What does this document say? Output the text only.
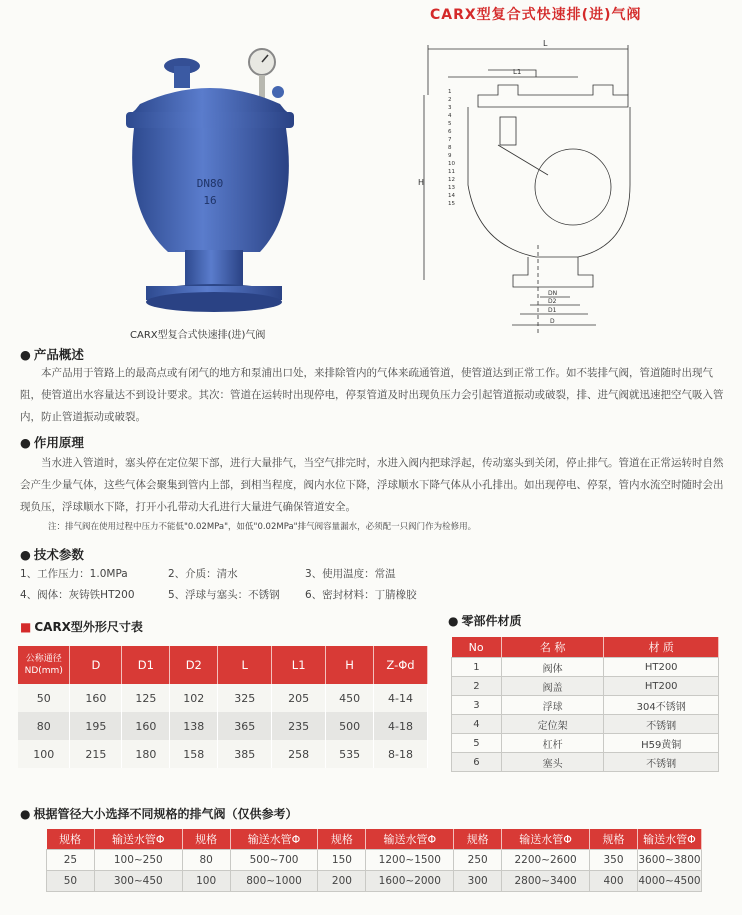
CARX型复合式快速排(进)气阀
DN80
16
CARX型复合式快速排(进)气阀
L
L1
H
DN
D2
D1
D
1
2
3
4
5
6
7
8
9
10
11
12
13
14
15
● 产品概述
本产品用于管路上的最高点或有闭气的地方和泵浦出口处，来排除管内的气体来疏通管道，使管道达到正常工作。如不装排气阀，管道随时出现气阻，使管道出水容量达不到设计要求。其次：管道在运转时出现停电，停泵管道及时出现负压力会引起管道振动或破裂，排、进气阀就迅速把空气吸入管内，防止管道振动或破裂。
● 作用原理
当水进入管道时，塞头停在定位架下部，进行大量排气，当空气排完时，水进入阀内把球浮起，传动塞头到关闭，停止排气。管道在正常运转时自然会产生少量气体，这些气体会聚集到管内上部，到相当程度，阀内水位下降，浮球顺水下降气体从小孔排出。如出现停电、停泵，管内水流空时随时会出现负压，浮球顺水下降，打开小孔带动大孔进行大量进气确保管道安全。
注：排气阀在使用过程中压力不能低"0.02MPa"，如低"0.02MPa"排气阀容量漏水，必须配一只阀门作为检修用。
● 技术参数
1、工作压力：1.0MPa	2、介质：清水	3、使用温度：常温
4、阀体：灰铸铁HT200	5、浮球与塞头：不锈钢 6、密封材料：丁腈橡胶
■ CARX型外形尺寸表
公称通径ND(mm)	D	D1	D2	L	L1	H	Z-Φd
50	160	125	102	325	205	450	4-14
80	195	160	138	365	235	500	4-18
100	215	180	158	385	258	535	8-18
● 零部件材质
No	名 称	材 质
1	阀体	HT200
2	阀盖	HT200
3	浮球	304不锈钢
4	定位架	不锈钢
5	杠杆	H59黄铜
6	塞头	不锈钢
● 根据管径大小选择不同规格的排气阀（仅供参考）
规格	输送水管Φ	规格	输送水管Φ	规格	输送水管Φ	规格	输送水管Φ	规格	输送水管Φ
25	100~250	80	500~700	150	1200~1500	250	2200~2600	350	3600~3800
50	300~450	100	800~1000	200	1600~2000	300	2800~3400	400	4000~4500
